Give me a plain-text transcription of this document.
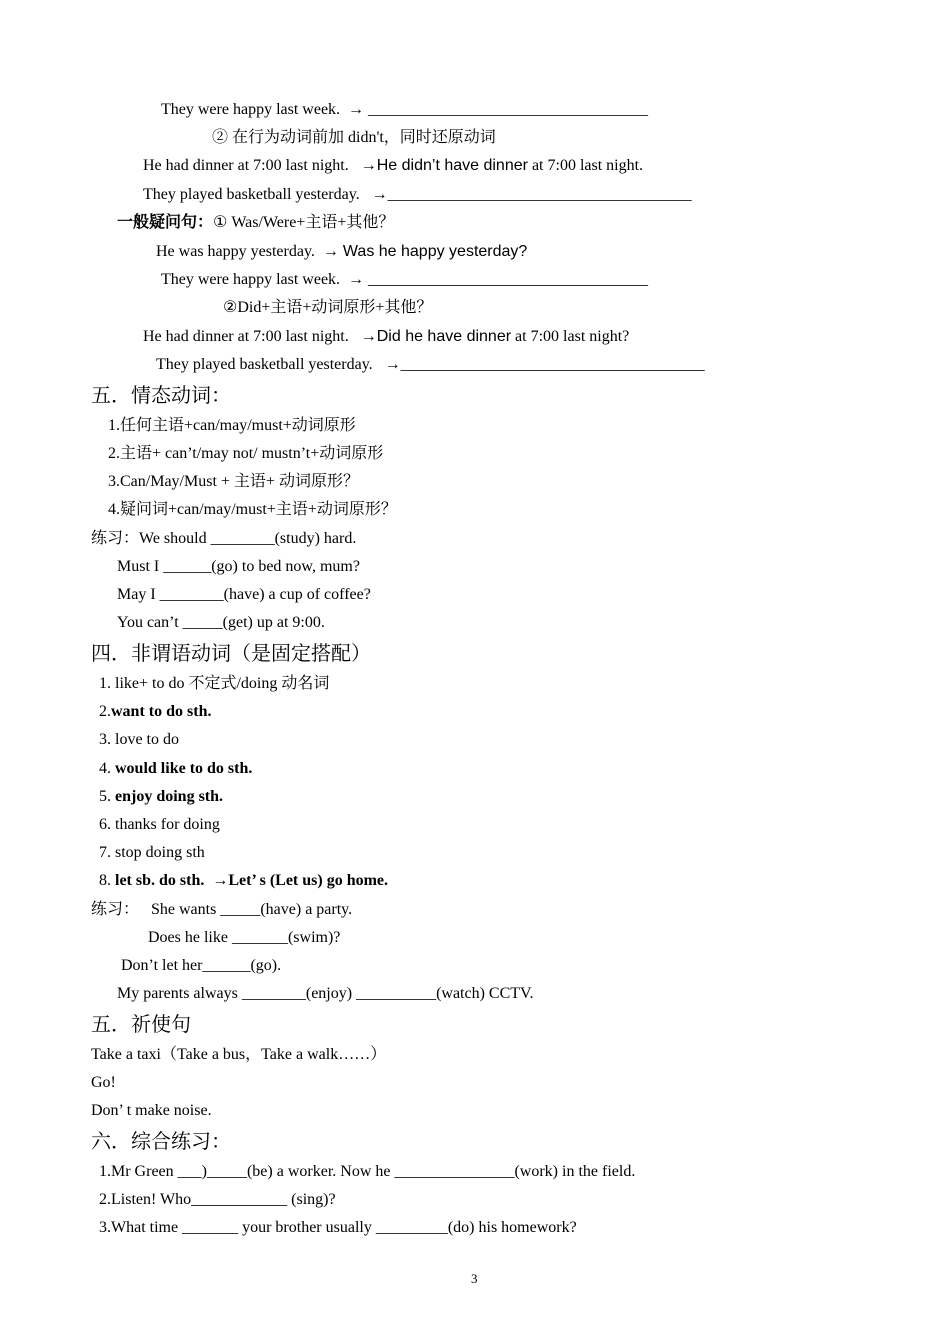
They were happy last week.  → ___________________________________
② 在行为动词前加 didn't，同时还原动词
He had dinner at 7:00 last night.   →He didn’t have dinner at 7:00 last night.
They played basketball yesterday.   →______________________________________
一般疑问句：① Was/Were+主语+其他？
He was happy yesterday.  → Was he happy yesterday?
They were happy last week.  → ___________________________________
②Did+主语+动词原形+其他？
He had dinner at 7:00 last night.   →Did he have dinner at 7:00 last night?
They played basketball yesterday.   →______________________________________
五．情态动词：
1.任何主语+can/may/must+动词原形
2.主语+ can’t/may not/ mustn’t+动词原形
3.Can/May/Must + 主语+ 动词原形？
4.疑问词+can/may/must+主语+动词原形？
练习：We should ________(study) hard.
Must I ______(go) to bed now, mum?
May I ________(have) a cup of coffee?
You can’t _____(get) up at 9:00.
四．非谓语动词（是固定搭配）
1. like+ to do 不定式/doing 动名词
2.want to do sth.
3. love to do
4. would like to do sth.
5. enjoy doing sth.
6. thanks for doing
7. stop doing sth
8. let sb. do sth.  →Let’ s (Let us) go home.
练习：   She wants _____(have) a party.
Does he like _______(swim)?
Don’t let her______(go).
My parents always ________(enjoy) __________(watch) CCTV.
五．祈使句
Take a taxi（Take a bus，Take a walk……）
Go!
Don’ t make noise.
六．综合练习：
1.Mr Green ___)_____(be) a worker. Now he _______________(work) in the field.
2.Listen! Who____________ (sing)?
3.What time _______ your brother usually _________(do) his homework?
3
